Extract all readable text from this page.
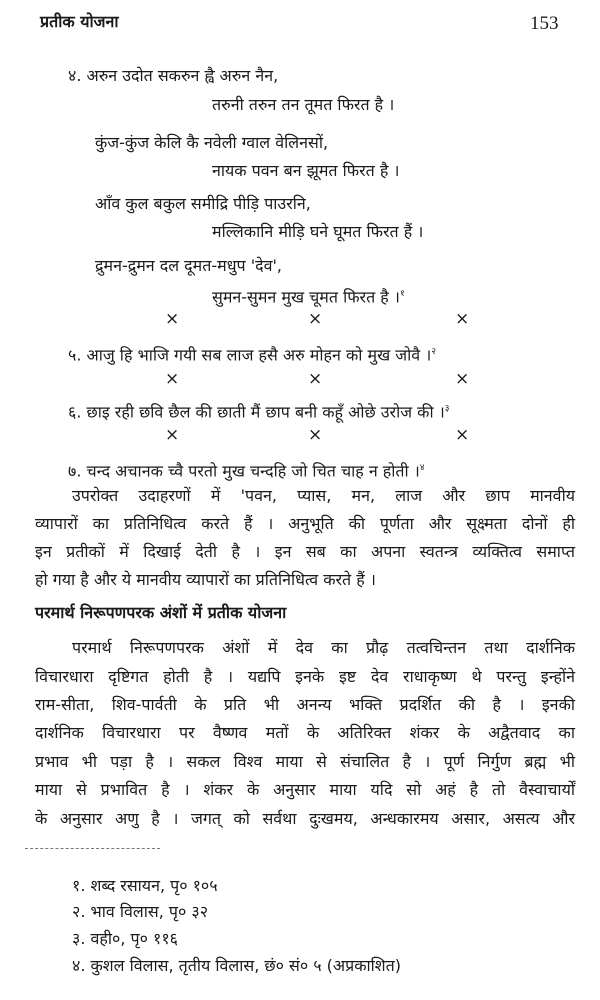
प्रतीक योजना	153
४. अरुन उदोत सकरुन ह्वै अरुन नैन,
तरुनी तरुन तन तूमत फिरत है ।
कुंज-कुंज केलि कै नवेली ग्वाल वेलिनसों,
नायक पवन बन झूमत फिरत है ।
आँव कुल बकुल समीद्रि पीड़ि पाउरनि,
मल्लिकानि मीड़ि घने घूमत फिरत हैं ।
द्रुमन-द्रुमन दल दूमत-मधुप 'देव',
सुमन-सुमन मुख चूमत फिरत है ।$^१$
×	×	×
५. आजु हि भाजि गयी सब लाज हसै अरु मोहन को मुख जोवै ।$^२$
×	×	×
६. छाइ रही छवि छैल की छाती मैं छाप बनी कहूँ ओछे उरोज की ।$^३$
×	×	×
७. चन्द अचानक च्वै परतो मुख चन्दहि जो चित चाह न होती ।$^४$
उपरोक्त उदाहरणों में 'पवन, प्यास, मन, लाज और छाप मानवीय
व्यापारों का प्रतिनिधित्व करते हैं । अनुभूति की पूर्णता और सूक्ष्मता दोनों ही
इन प्रतीकों में दिखाई देती है । इन सब का अपना स्वतन्त्र व्यक्तित्व समाप्त
हो गया है और ये मानवीय व्यापारों का प्रतिनिधित्व करते हैं ।
परमार्थ निरूपणपरक अंशों में प्रतीक योजना
परमार्थ निरूपणपरक अंशों में देव का प्रौढ़ तत्वचिन्तन तथा दार्शनिक
विचारधारा दृष्टिगत होती है । यद्यपि इनके इष्ट देव राधाकृष्ण थे परन्तु इन्होंने
राम-सीता, शिव-पार्वती के प्रति भी अनन्य भक्ति प्रदर्शित की है । इनकी
दार्शनिक विचारधारा पर वैष्णव मतों के अतिरिक्त शंकर के अद्वैतवाद का
प्रभाव भी पड़ा है । सकल विश्व माया से संचालित है । पूर्ण निर्गुण ब्रह्म भी
माया से प्रभावित है । शंकर के अनुसार माया यदि सो अहं है तो वैस्वाचार्यों
के अनुसार अणु है । जगत् को सर्वथा दुःखमय, अन्धकारमय असार, असत्य और
१. शब्द रसायन, पृ० १०५
२. भाव विलास, पृ० ३२
३. वही०, पृ० ११६
४. कुशल विलास, तृतीय विलास, छं० सं० ५ (अप्रकाशित)
